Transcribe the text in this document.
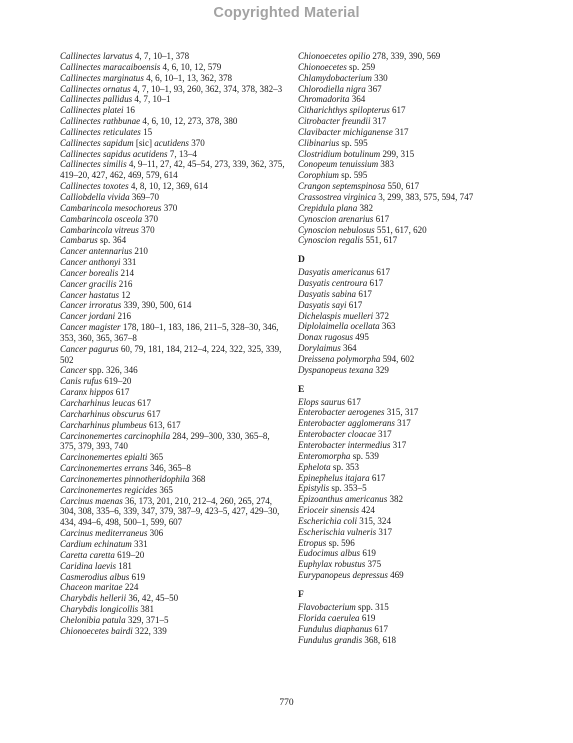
Copyrighted Material
Callinectes larvatus 4, 7, 10–1, 378
Callinectes maracaiboensis 4, 6, 10, 12, 579
Callinectes marginatus 4, 6, 10–1, 13, 362, 378
Callinectes ornatus 4, 7, 10–1, 93, 260, 362, 374, 378, 382–3
Callinectes pallidus 4, 7, 10–1
Callinectes platei 16
Callinectes rathbunae 4, 6, 10, 12, 273, 378, 380
Callinectes reticulates 15
Callinectes sapidum [sic] acutidens 370
Callinectes sapidus acutidens 7, 13–4
Callinectes similis 4, 9–11, 27, 42, 45–54, 273, 339, 362, 375, 419–20, 427, 462, 469, 579, 614
Callinectes toxotes 4, 8, 10, 12, 369, 614
Calliobdella vivida 369–70
Cambarincola mesochoreus 370
Cambarincola osceola 370
Cambarincola vitreus 370
Cambarus sp. 364
Cancer antennarius 210
Cancer anthonyi 331
Cancer borealis 214
Cancer gracilis 216
Cancer hastatus 12
Cancer irroratus 339, 390, 500, 614
Cancer jordani 216
Cancer magister 178, 180–1, 183, 186, 211–5, 328–30, 346, 353, 360, 365, 367–8
Cancer pagurus 60, 79, 181, 184, 212–4, 224, 322, 325, 339, 502
Cancer spp. 326, 346
Canis rufus 619–20
Caranx hippos 617
Carcharhinus leucas 617
Carcharhinus obscurus 617
Carcharhinus plumbeus 613, 617
Carcinonemertes carcinophila 284, 299–300, 330, 365–8, 375, 379, 393, 740
Carcinonemertes epialti 365
Carcinonemertes errans 346, 365–8
Carcinonemertes pinnotheridophila 368
Carcinonemertes regicides 365
Carcinus maenas 36, 173, 201, 210, 212–4, 260, 265, 274, 304, 308, 335–6, 339, 347, 379, 387–9, 423–5, 427, 429–30, 434, 494–6, 498, 500–1, 599, 607
Carcinus mediterraneus 306
Cardium echinatum 331
Caretta caretta 619–20
Caridina laevis 181
Casmerodius albus 619
Chaceon maritae 224
Charybdis hellerii 36, 42, 45–50
Charybdis longicollis 381
Chelonibia patula 329, 371–5
Chionoecetes bairdi 322, 339
Chionoecetes opilio 278, 339, 390, 569
Chionoecetes sp. 259
Chlamydobacterium 330
Chlorodiella nigra 367
Chromadorita 364
Citharichthys spilopterus 617
Citrobacter freundii 317
Clavibacter michiganense 317
Clibinarius sp. 595
Clostridium botulinum 299, 315
Conopeum tenuissium 383
Corophium sp. 595
Crangon septemspinosa 550, 617
Crassostrea virginica 3, 299, 383, 575, 594, 747
Crepidula plana 382
Cynoscion arenarius 617
Cynoscion nebulosus 551, 617, 620
Cynoscion regalis 551, 617
D
Dasyatis americanus 617
Dasyatis centroura 617
Dasyatis sabina 617
Dasyatis sayi 617
Dichelaspis muelleri 372
Diplolaimella ocellata 363
Donax rugosus 495
Dorylaimus 364
Dreissena polymorpha 594, 602
Dyspanopeus texana 329
E
Elops saurus 617
Enterobacter aerogenes 315, 317
Enterobacter agglomerans 317
Enterobacter cloacae 317
Enterobacter intermedius 317
Enteromorpha sp. 539
Ephelota sp. 353
Epinephelus itajara 617
Epistylis sp. 353–5
Epizoanthus americanus 382
Erioceir sinensis 424
Escherichia coli 315, 324
Escherischia vulneris 317
Etropus sp. 596
Eudocimus albus 619
Euphylax robustus 375
Eurypanopeus depressus 469
F
Flavobacterium spp. 315
Florida caerulea 619
Fundulus diaphanus 617
Fundulus grandis 368, 618
770
